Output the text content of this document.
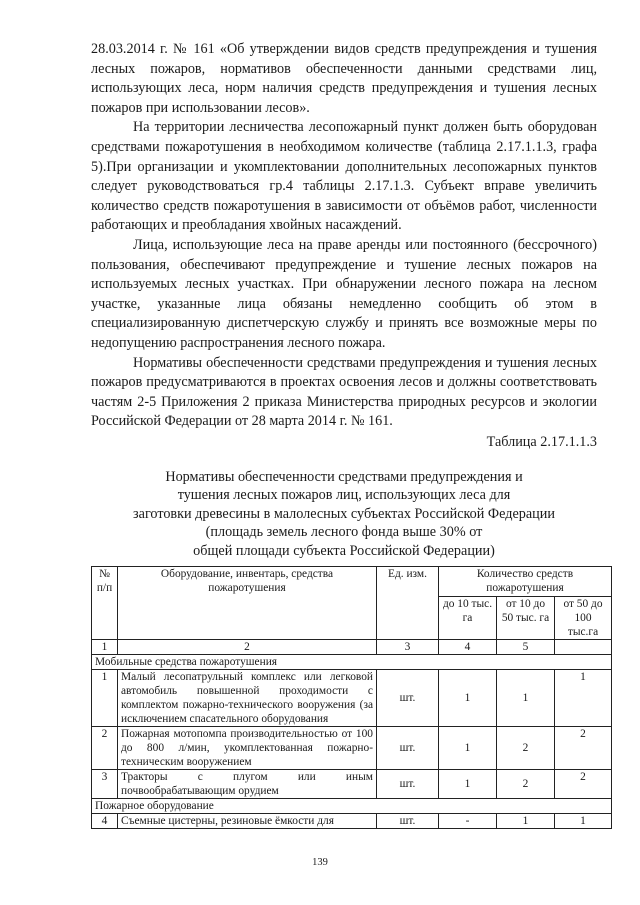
28.03.2014 г. № 161 «Об утверждении видов средств предупреждения и тушения лесных пожаров, нормативов обеспеченности данными средствами лиц, использующих леса, норм наличия средств предупреждения и тушения лесных пожаров при использовании лесов».

На территории лесничества лесопожарный пункт должен быть оборудован средствами пожаротушения в необходимом количестве (таблица 2.17.1.1.3, графа 5).При организации и укомплектовании дополнительных лесопожарных пунктов следует руководствоваться гр.4 таблицы 2.17.1.3. Субъект вправе увеличить количество средств пожаротушения в зависимости от объёмов работ, численности работающих и преобладания хвойных насаждений.

Лица, использующие леса на праве аренды или постоянного (бессрочного) пользования, обеспечивают предупреждение и тушение лесных пожаров на используемых лесных участках. При обнаружении лесного пожара на лесном участке, указанные лица обязаны немедленно сообщить об этом в специализированную диспетчерскую службу и принять все возможные меры по недопущению распространения лесного пожара.

Нормативы обеспеченности средствами предупреждения и тушения лесных пожаров предусматриваются в проектах освоения лесов и должны соответствовать частям 2-5 Приложения 2 приказа Министерства природных ресурсов и экологии Российской Федерации от 28 марта 2014 г. № 161.

Таблица 2.17.1.1.3
Нормативы обеспеченности средствами предупреждения и
тушения лесных пожаров лиц, использующих леса для
заготовки древесины в малолесных субъектах Российской Федерации
(площадь земель лесного фонда выше 30% от
общей площади субъекта Российской Федерации)
№ п/п	Оборудование, инвентарь, средства пожаротушения	Ед. изм.	Количество средств пожаротушения		
			до 10 тыс. га	от 10 до 50 тыс. га	от 50 до 100 тыс.га
1	2	3	4	5	
Мобильные средства пожаротушения					
1	Малый лесопатрульный комплекс или легковой автомобиль повышенной проходимости с комплектом пожарно-технического вооружения (за исключением спасательного оборудования	шт.	1	1	1
2	Пожарная мотопомпа производительностью от 100 до 800 л/мин, укомплектованная пожарно-техническим вооружением	шт.	1	2	2
3	Тракторы с плугом или иным почвообрабатывающим орудием	шт.	1	2	2
Пожарное оборудование					
4	Съемные цистерны, резиновые ёмкости для	шт.	-	1	1
139
